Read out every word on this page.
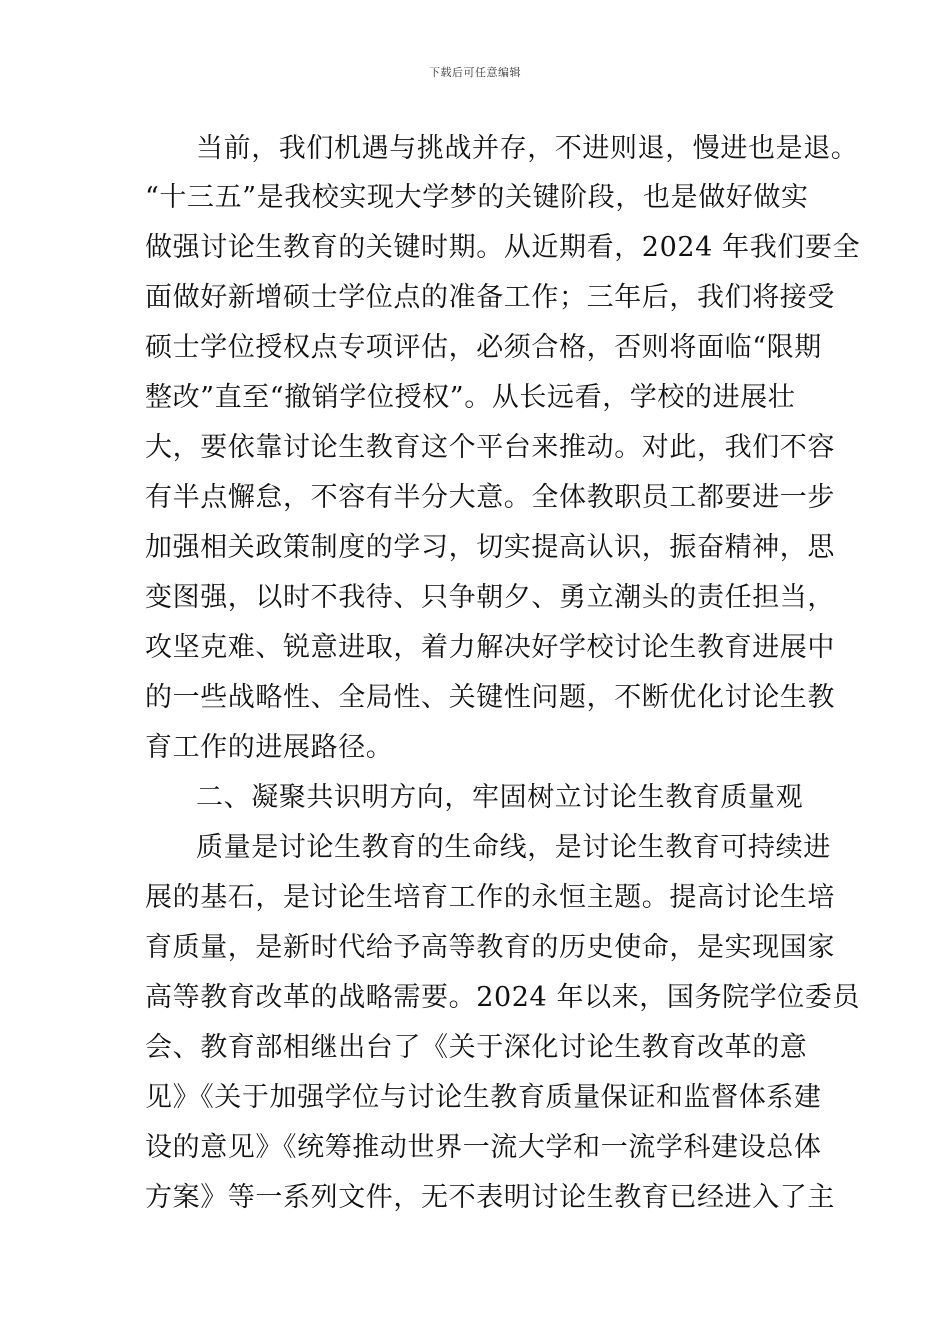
下载后可任意编辑
当前，我们机遇与挑战并存，不进则退，慢进也是退。
“十三五”是我校实现大学梦的关键阶段，也是做好做实
做强讨论生教育的关键时期。从近期看，2024 年我们要全
面做好新增硕士学位点的准备工作；三年后，我们将接受
硕士学位授权点专项评估，必须合格，否则将面临“限期
整改”直至“撤销学位授权”。从长远看，学校的进展壮
大，要依靠讨论生教育这个平台来推动。对此，我们不容
有半点懈怠，不容有半分大意。全体教职员工都要进一步
加强相关政策制度的学习，切实提高认识，振奋精神，思
变图强，以时不我待、只争朝夕、勇立潮头的责任担当，
攻坚克难、锐意进取，着力解决好学校讨论生教育进展中
的一些战略性、全局性、关键性问题，不断优化讨论生教
育工作的进展路径。
二、凝聚共识明方向，牢固树立讨论生教育质量观
质量是讨论生教育的生命线，是讨论生教育可持续进
展的基石，是讨论生培育工作的永恒主题。提高讨论生培
育质量，是新时代给予高等教育的历史使命，是实现国家
高等教育改革的战略需要。2024 年以来，国务院学位委员
会、教育部相继出台了《关于深化讨论生教育改革的意
见》《关于加强学位与讨论生教育质量保证和监督体系建
设的意见》《统筹推动世界一流大学和一流学科建设总体
方案》等一系列文件，无不表明讨论生教育已经进入了主
